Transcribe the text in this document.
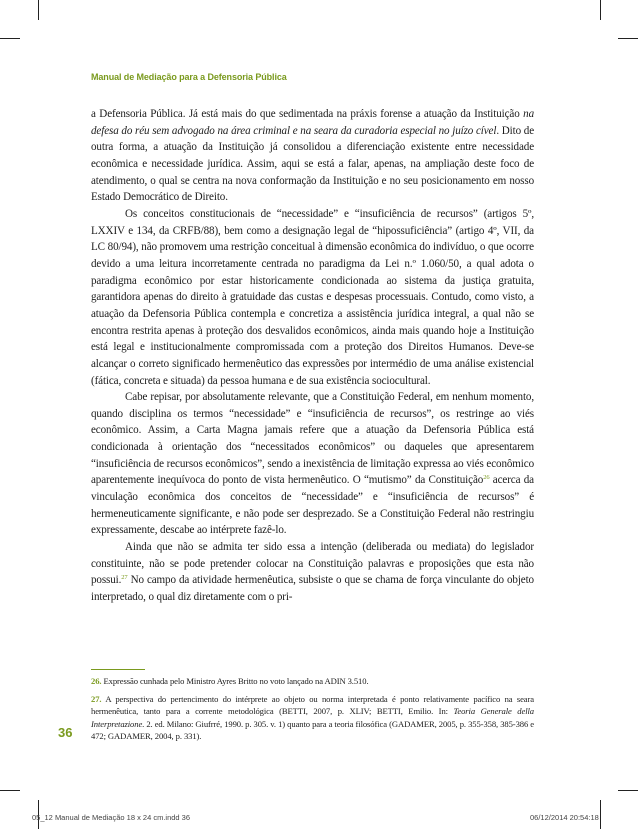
Manual de Mediação para a Defensoria Pública

a Defensoria Pública. Já está mais do que sedimentada na práxis forense a atuação da Instituição na defesa do réu sem advogado na área criminal e na seara da curadoria especial no juízo cível. Dito de outra forma, a atuação da Instituição já consolidou a diferenciação existente entre necessidade econômica e necessidade jurídica. Assim, aqui se está a falar, apenas, na ampliação deste foco de atendimento, o qual se centra na nova conformação da Instituição e no seu posicionamento em nosso Estado Democrático de Direito.

Os conceitos constitucionais de “necessidade” e “insuficiência de recursos” (artigos 5º, LXXIV e 134, da CRFB/88), bem como a designação legal de “hipossuficiência” (artigo 4º, VII, da LC 80/94), não promovem uma restrição conceitual à dimensão econômica do indivíduo, o que ocorre devido a uma leitura incorretamente centrada no paradigma da Lei n.º 1.060/50, a qual adota o paradigma econômico por estar historicamente condicionada ao sistema da justiça gratuita, garantidora apenas do direito à gratuidade das custas e despesas processuais. Contudo, como visto, a atuação da Defensoria Pública contempla e concretiza a assistência jurídica integral, a qual não se encontra restrita apenas à proteção dos desvalidos econômicos, ainda mais quando hoje a Instituição está legal e institucionalmente compromissada com a proteção dos Direitos Humanos. Deve-se alcançar o correto significado hermenêutico das expressões por intermédio de uma análise existencial (fática, concreta e situada) da pessoa humana e de sua existência sociocultural.

Cabe repisar, por absolutamente relevante, que a Constituição Federal, em nenhum momento, quando disciplina os termos “necessidade” e “insuficiência de recursos”, os restringe ao viés econômico. Assim, a Carta Magna jamais refere que a atuação da Defensoria Pública está condicionada à orientação dos “necessitados econômicos” ou daqueles que apresentarem “insuficiência de recursos econômicos”, sendo a inexistência de limitação expressa ao viés econômico aparentemente inequívoca do ponto de vista hermenêutico. O “mutismo” da Constituição$^{26}$ acerca da vinculação econômica dos conceitos de “necessidade” e “insuficiência de recursos” é hermeneuticamente significante, e não pode ser desprezado. Se a Constituição Federal não restringiu expressamente, descabe ao intérprete fazê-lo.

Ainda que não se admita ter sido essa a intenção (deliberada ou mediata) do legislador constituinte, não se pode pretender colocar na Constituição palavras e proposições que esta não possui.$^{27}$ No campo da atividade hermenêutica, subsiste o que se chama de força vinculante do objeto interpretado, o qual diz diretamente com o pri-

26. Expressão cunhada pelo Ministro Ayres Britto no voto lançado na ADIN 3.510.

27. A perspectiva do pertencimento do intérprete ao objeto ou norma interpretada é ponto relativamente pacífico na seara hermenêutica, tanto para a corrente metodológica (BETTI, 2007, p. XLIV; BETTI, Emilio. In: Teoria Generale della Interpretazione. 2. ed. Milano: Giufrré, 1990. p. 305. v. 1) quanto para a teoria filosófica (GADAMER, 2005, p. 355-358, 385-386 e 472; GADAMER, 2004, p. 331).

36
05_12 Manual de Mediação 18 x 24 cm.indd 36	06/12/2014 20:54:18
